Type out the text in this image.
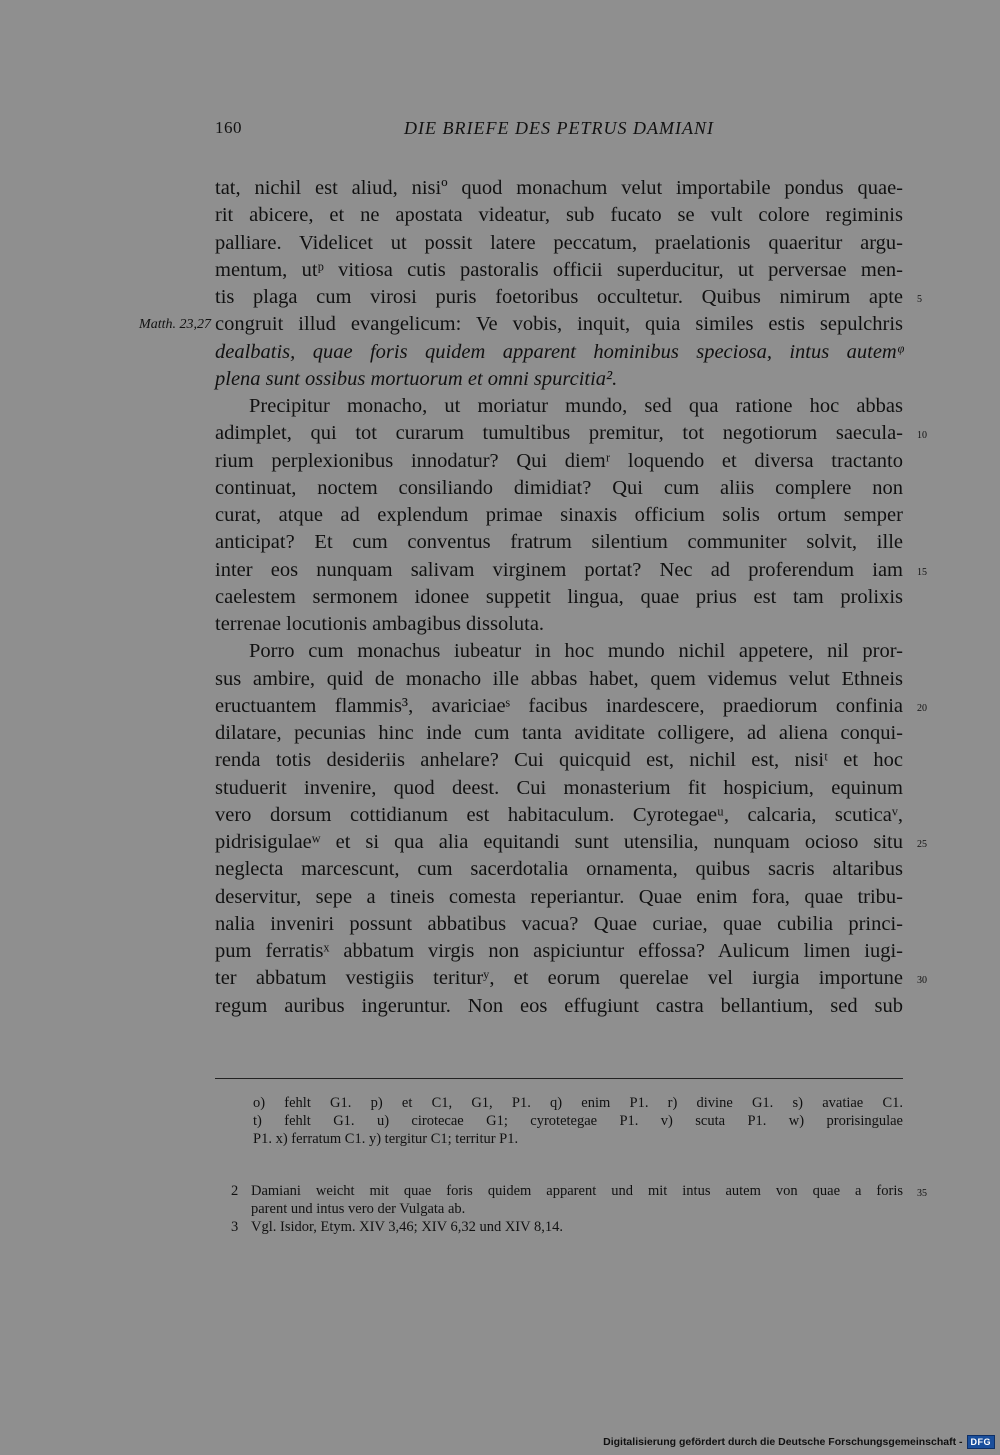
160	DIE BRIEFE DES PETRUS DAMIANI
tat, nichil est aliud, nisiº quod monachum velut importabile pondus quae-
rit abicere, et ne apostata videatur, sub fucato se vult colore regiminis
palliare. Videlicet ut possit latere peccatum, praelationis quaeritur argu-
mentum, utᵖ vitiosa cutis pastoralis officii superducitur, ut perversae men-
tis plaga cum virosi puris foetoribus occultetur. Quibus nimirum apte 5
Matth. 23,27 congruit illud evangelicum: Ve vobis, inquit, quia similes estis sepulchris
dealbatis, quae foris quidem apparent hominibus speciosa, intus autemᵠ
plena sunt ossibus mortuorum et omni spurcitia².
Precipitur monacho, ut moriatur mundo, sed qua ratione hoc abbas
adimplet, qui tot curarum tumultibus premitur, tot negotiorum saecula- 10
rium perplexionibus innodatur? Qui diemʳ loquendo et diversa tractanto
continuat, noctem consiliando dimidiat? Qui cum aliis complere non
curat, atque ad explendum primae sinaxis officium solis ortum semper
anticipat? Et cum conventus fratrum silentium communiter solvit, ille
inter eos nunquam salivam virginem portat? Nec ad proferendum iam 15
caelestem sermonem idonee suppetit lingua, quae prius est tam prolixis
terrenae locutionis ambagibus dissoluta.
Porro cum monachus iubeatur in hoc mundo nichil appetere, nil pror-
sus ambire, quid de monacho ille abbas habet, quem videmus velut Ethneis
eructuantem flammis³, avariciaeˢ facibus inardescere, praediorum confinia 20
dilatare, pecunias hinc inde cum tanta aviditate colligere, ad aliena conqui-
renda totis desideriis anhelare? Cui quicquid est, nichil est, nisiᵗ et hoc
studuerit invenire, quod deest. Cui monasterium fit hospicium, equinum
vero dorsum cottidianum est habitaculum. Cyrotegaeᵘ, calcaria, scuticaᵛ,
pidrisigulaeʷ et si qua alia equitandi sunt utensilia, nunquam ocioso situ 25
neglecta marcescunt, cum sacerdotalia ornamenta, quibus sacris altaribus
deservitur, sepe a tineis comesta reperiantur. Quae enim fora, quae tribu-
nalia inveniri possunt abbatibus vacua? Quae curiae, quae cubilia princi-
pum ferratisˣ abbatum virgis non aspiciuntur effossa? Aulicum limen iugi-
ter abbatum vestigiis teriturʸ, et eorum querelae vel iurgia importune 30
regum auribus ingeruntur. Non eos effugiunt castra bellantium, sed sub
o) fehlt G1. p) et C1, G1, P1. q) enim P1. r) divine G1. s) avatiae C1.
t) fehlt G1. u) cirotecae G1; cyrotetegae P1. v) scuta P1. w) prorisingulae
P1. x) ferratum C1. y) tergitur C1; territur P1.
2 Damiani weicht mit quae foris quidem apparent und mit intus autem von quae a foris 35
parent und intus vero der Vulgata ab.
3 Vgl. Isidor, Etym. XIV 3,46; XIV 6,32 und XIV 8,14.
Digitalisierung gefördert durch die Deutsche Forschungsgemeinschaft - DFG
